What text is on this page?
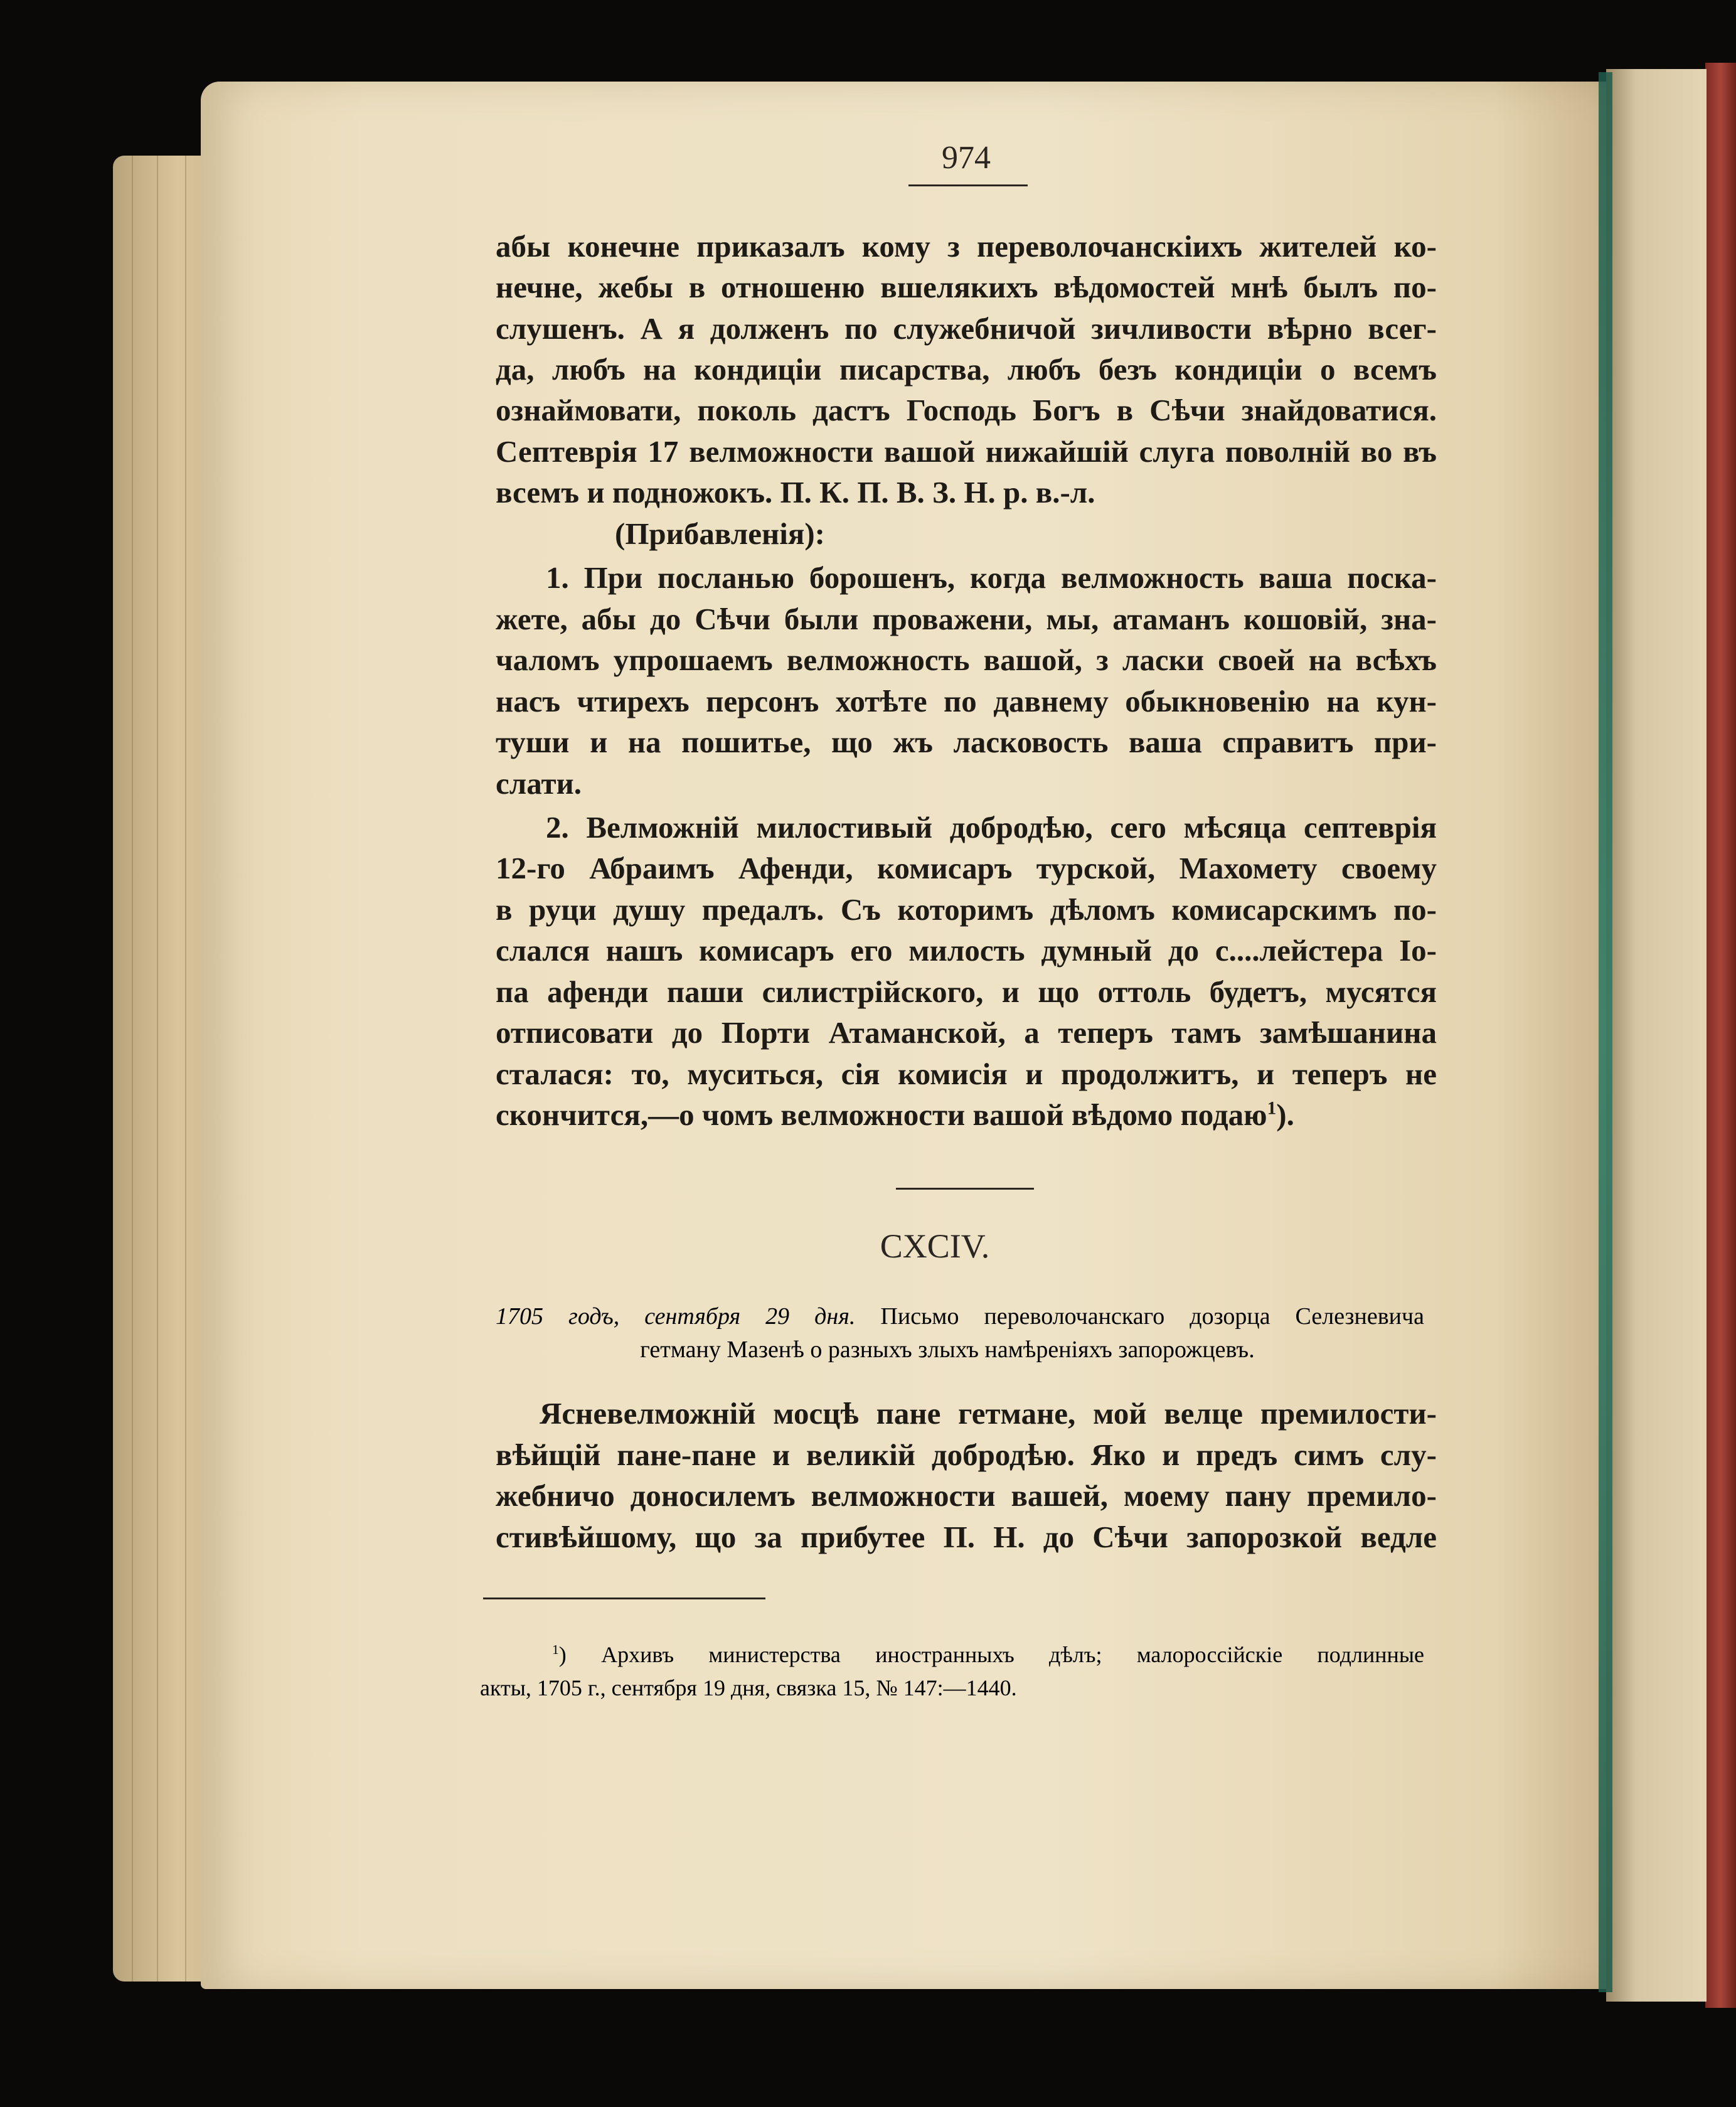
974
абы конечне приказалъ кому з переволочанскіихъ жителей ко-
нечне, жебы в отношеню вшелякихъ вѣдомостей мнѣ былъ по-
слушенъ. А я долженъ по служебничой зичливости вѣрно всег-
да, любъ на кондиціи писарства, любъ безъ кондиціи о всемъ
ознаймовати, поколь дастъ Господь Богъ в Сѣчи знайдоватися.
Септеврія 17 велможности вашой нижайшій слуга поволній во въ
всемъ и подножокъ. П. К. П. В. З. Н. р. в.-л.
(Прибавленія):
1. При посланью борошенъ, когда велможность ваша поска-
жете, абы до Сѣчи были проважени, мы, атаманъ кошовій, зна-
чаломъ упрошаемъ велможность вашой, з ласки своей на всѣхъ
насъ чтирехъ персонъ хотѣте по давнему обыкновенію на кун-
туши и на пошитье, що жъ ласковость ваша справитъ при-
слати.
2. Велможній милостивый добродѣю, сего мѣсяца септеврія
12-го Абраимъ Афенди, комисаръ турской, Махомету своему
в руци душу предалъ. Съ которимъ дѣломъ комисарскимъ по-
слался нашъ комисаръ его милость думный до с....лейстера Іо-
па афенди паши силистрійского, и що оттоль будетъ, мусятся
отписовати до Порти Атаманской, а теперъ тамъ замѣшанина
сталася: то, муситься, сія комисія и продолжитъ, и теперъ не
скончится,—о чомъ велможности вашой вѣдомо подаю$^1$).
CXCIV.
1705 годъ, сентября 29 дня. Письмо переволочанскаго дозорца Селезневича
гетману Мазенѣ о разныхъ злыхъ намѣреніяхъ запорожцевъ.
Ясневелможній мосцѣ пане гетмане, мой велце премилости-
вѣйщій пане-пане и великій добродѣю. Яко и предъ симъ слу-
жебничо доносилемъ велможности вашей, моему пану премило-
стивѣйшому, що за прибутее П. Н. до Сѣчи запорозкой ведле
$^1$) Архивъ министерства иностранныхъ дѣлъ; малороссійскіе подлинные
акты, 1705 г., сентября 19 дня, связка 15, № 147:—1440.
